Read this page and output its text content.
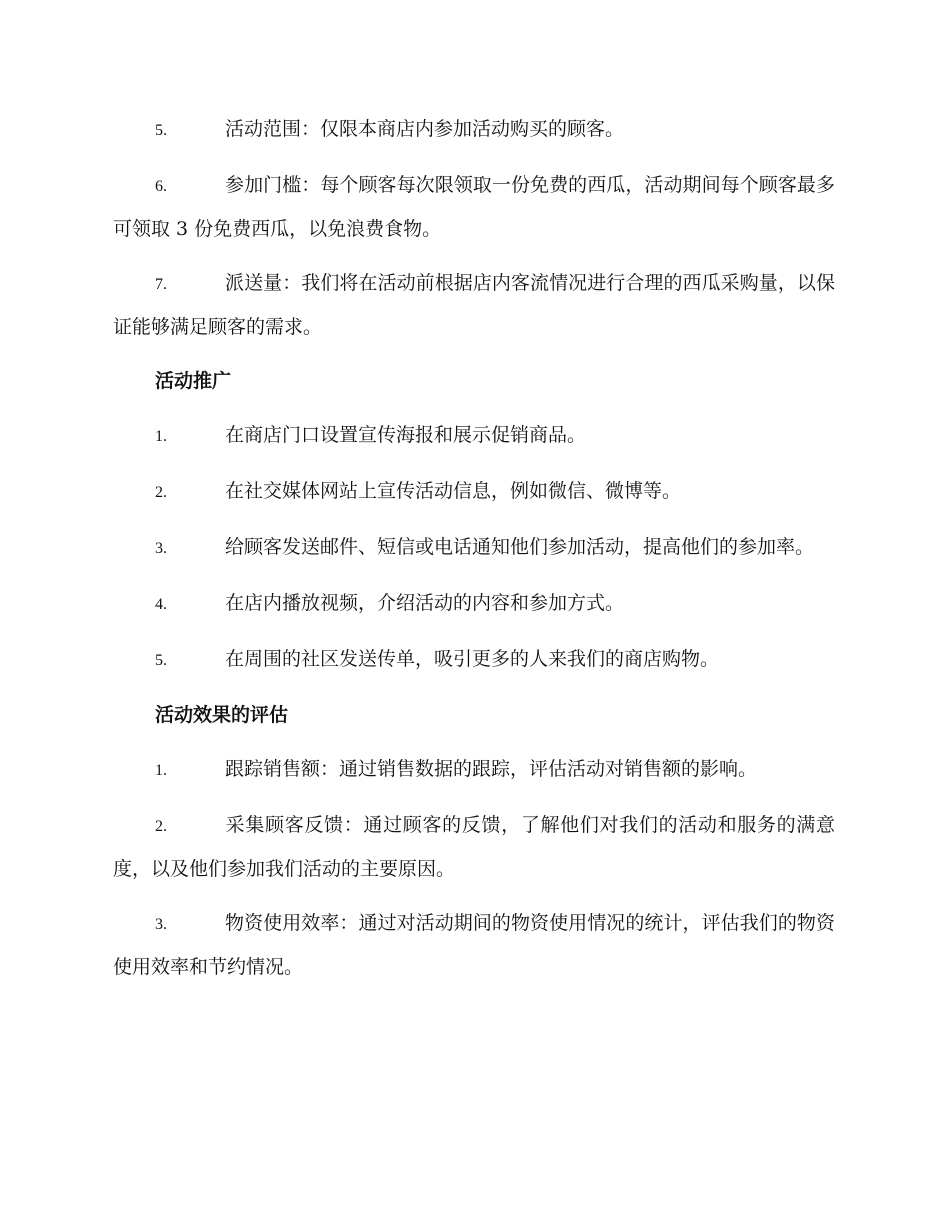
5.	活动范围：仅限本商店内参加活动购买的顾客。
6.	参加门槛：每个顾客每次限领取一份免费的西瓜，活动期间每个顾客最多可领取 3 份免费西瓜，以免浪费食物。
7.	派送量：我们将在活动前根据店内客流情况进行合理的西瓜采购量，以保证能够满足顾客的需求。
活动推广
1.	在商店门口设置宣传海报和展示促销商品。
2.	在社交媒体网站上宣传活动信息，例如微信、微博等。
3.	给顾客发送邮件、短信或电话通知他们参加活动，提高他们的参加率。
4.	在店内播放视频，介绍活动的内容和参加方式。
5.	在周围的社区发送传单，吸引更多的人来我们的商店购物。
活动效果的评估
1.	跟踪销售额：通过销售数据的跟踪，评估活动对销售额的影响。
2.	采集顾客反馈：通过顾客的反馈，了解他们对我们的活动和服务的满意度，以及他们参加我们活动的主要原因。
3.	物资使用效率：通过对活动期间的物资使用情况的统计，评估我们的物资使用效率和节约情况。
